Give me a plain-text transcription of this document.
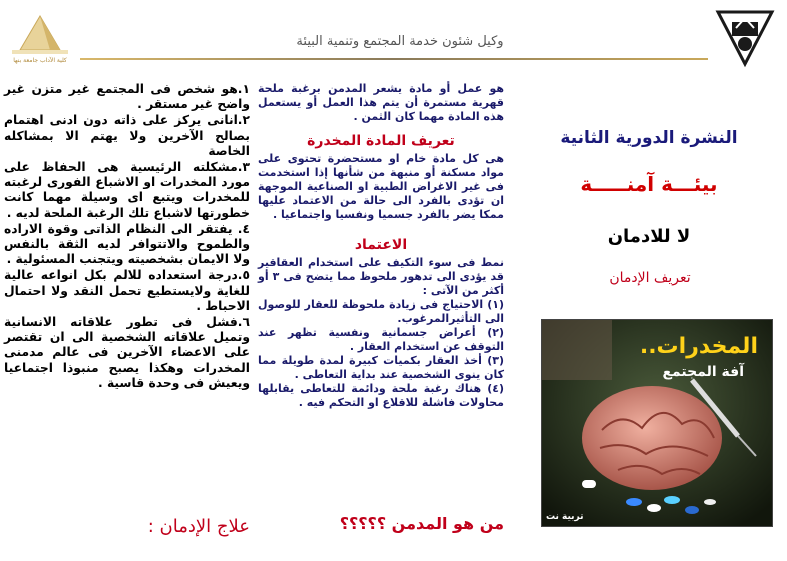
كلية الآداب جامعة بنها
وكيل شئون خدمة المجتمع وتنمية البيئة

١.هو شخص فى المجتمع غير متزن غير واضح غير مستقر .

٢.انانى يركز على ذاته دون ادنى اهتمام بصالح الآخرين ولا يهتم الا بمشاكله الخاصة

٣.مشكلته الرئيسية هى الحفاظ على مورد المخدرات او الاشباع الفورى لرغبته للمخدرات ويتبع اى وسيلة مهما كانت خطورتها لاشباع تلك الرغبة الملحة لديه .

٤. يفتقر الى النظام الذاتى وقوة الاراده والطموح والاتتوافر لديه الثقة بالنفس ولا الايمان بشخصيته ويتجنب المسئولية .

٥.درجة استعداده للالم بكل انواعه عالية للغاية ولايستطيع تحمل النقد ولا احتمال الاحباط .

٦.فشل فى تطور علاقاته الانسانية وتميل علاقاته الشخصية الى ان تقتصر على الاعضاء الآخرين فى عالم مدمنى المخدرات وهكذا يصبح منبوذا اجتماعيا ويعيش فى وحدة قاسية .

علاج الإدمان :

هو عمل أو مادة يشعر المدمن برغبة ملحة قهرية مستمرة أن يتم هذا العمل أو يستعمل هذه المادة مهما كان الثمن .

تعريف المادة المخدرة

هى كل مادة خام او مستحضرة تحتوى على مواد مسكنة أو منبهة من شأنها إذا استخدمت فى غير الاغراض الطبية او الصناعية الموجهة ان تؤدى بالفرد الى حالة من الاعتماد عليها ممكا يضر بالفرد جسميا ونفسيا واجتماعيا .

الاعتماد

نمط فى سوء التكيف على استخدام العقاقير قد يؤدى الى تدهور ملحوظ مما يتضح فى ٣ أو أكثر من الآتى :

(١) الاحتياج فى زيادة ملحوظة للعقار للوصول الى التأثيرالمرغوب.

(٢) أعراض جسمانية ونفسية تظهر عند التوقف عن استخدام العقار .

(٣) أخذ العقار بكميات كبيرة لمدة طويلة مما كان ينوى الشخصية عند بداية التعاطى .

(٤) هناك رغبة ملحة ودائمة للتعاطى يقابلها محاولات فاشلة للاقلاع او التحكم فيه .

من هو المدمن ؟؟؟؟؟
النشرة الدورية الثانية
بيئـــة آمنـــــة
لا للادمان
تعريف الإدمان
المخدرات..
آفة المجتمع
تربية نت
